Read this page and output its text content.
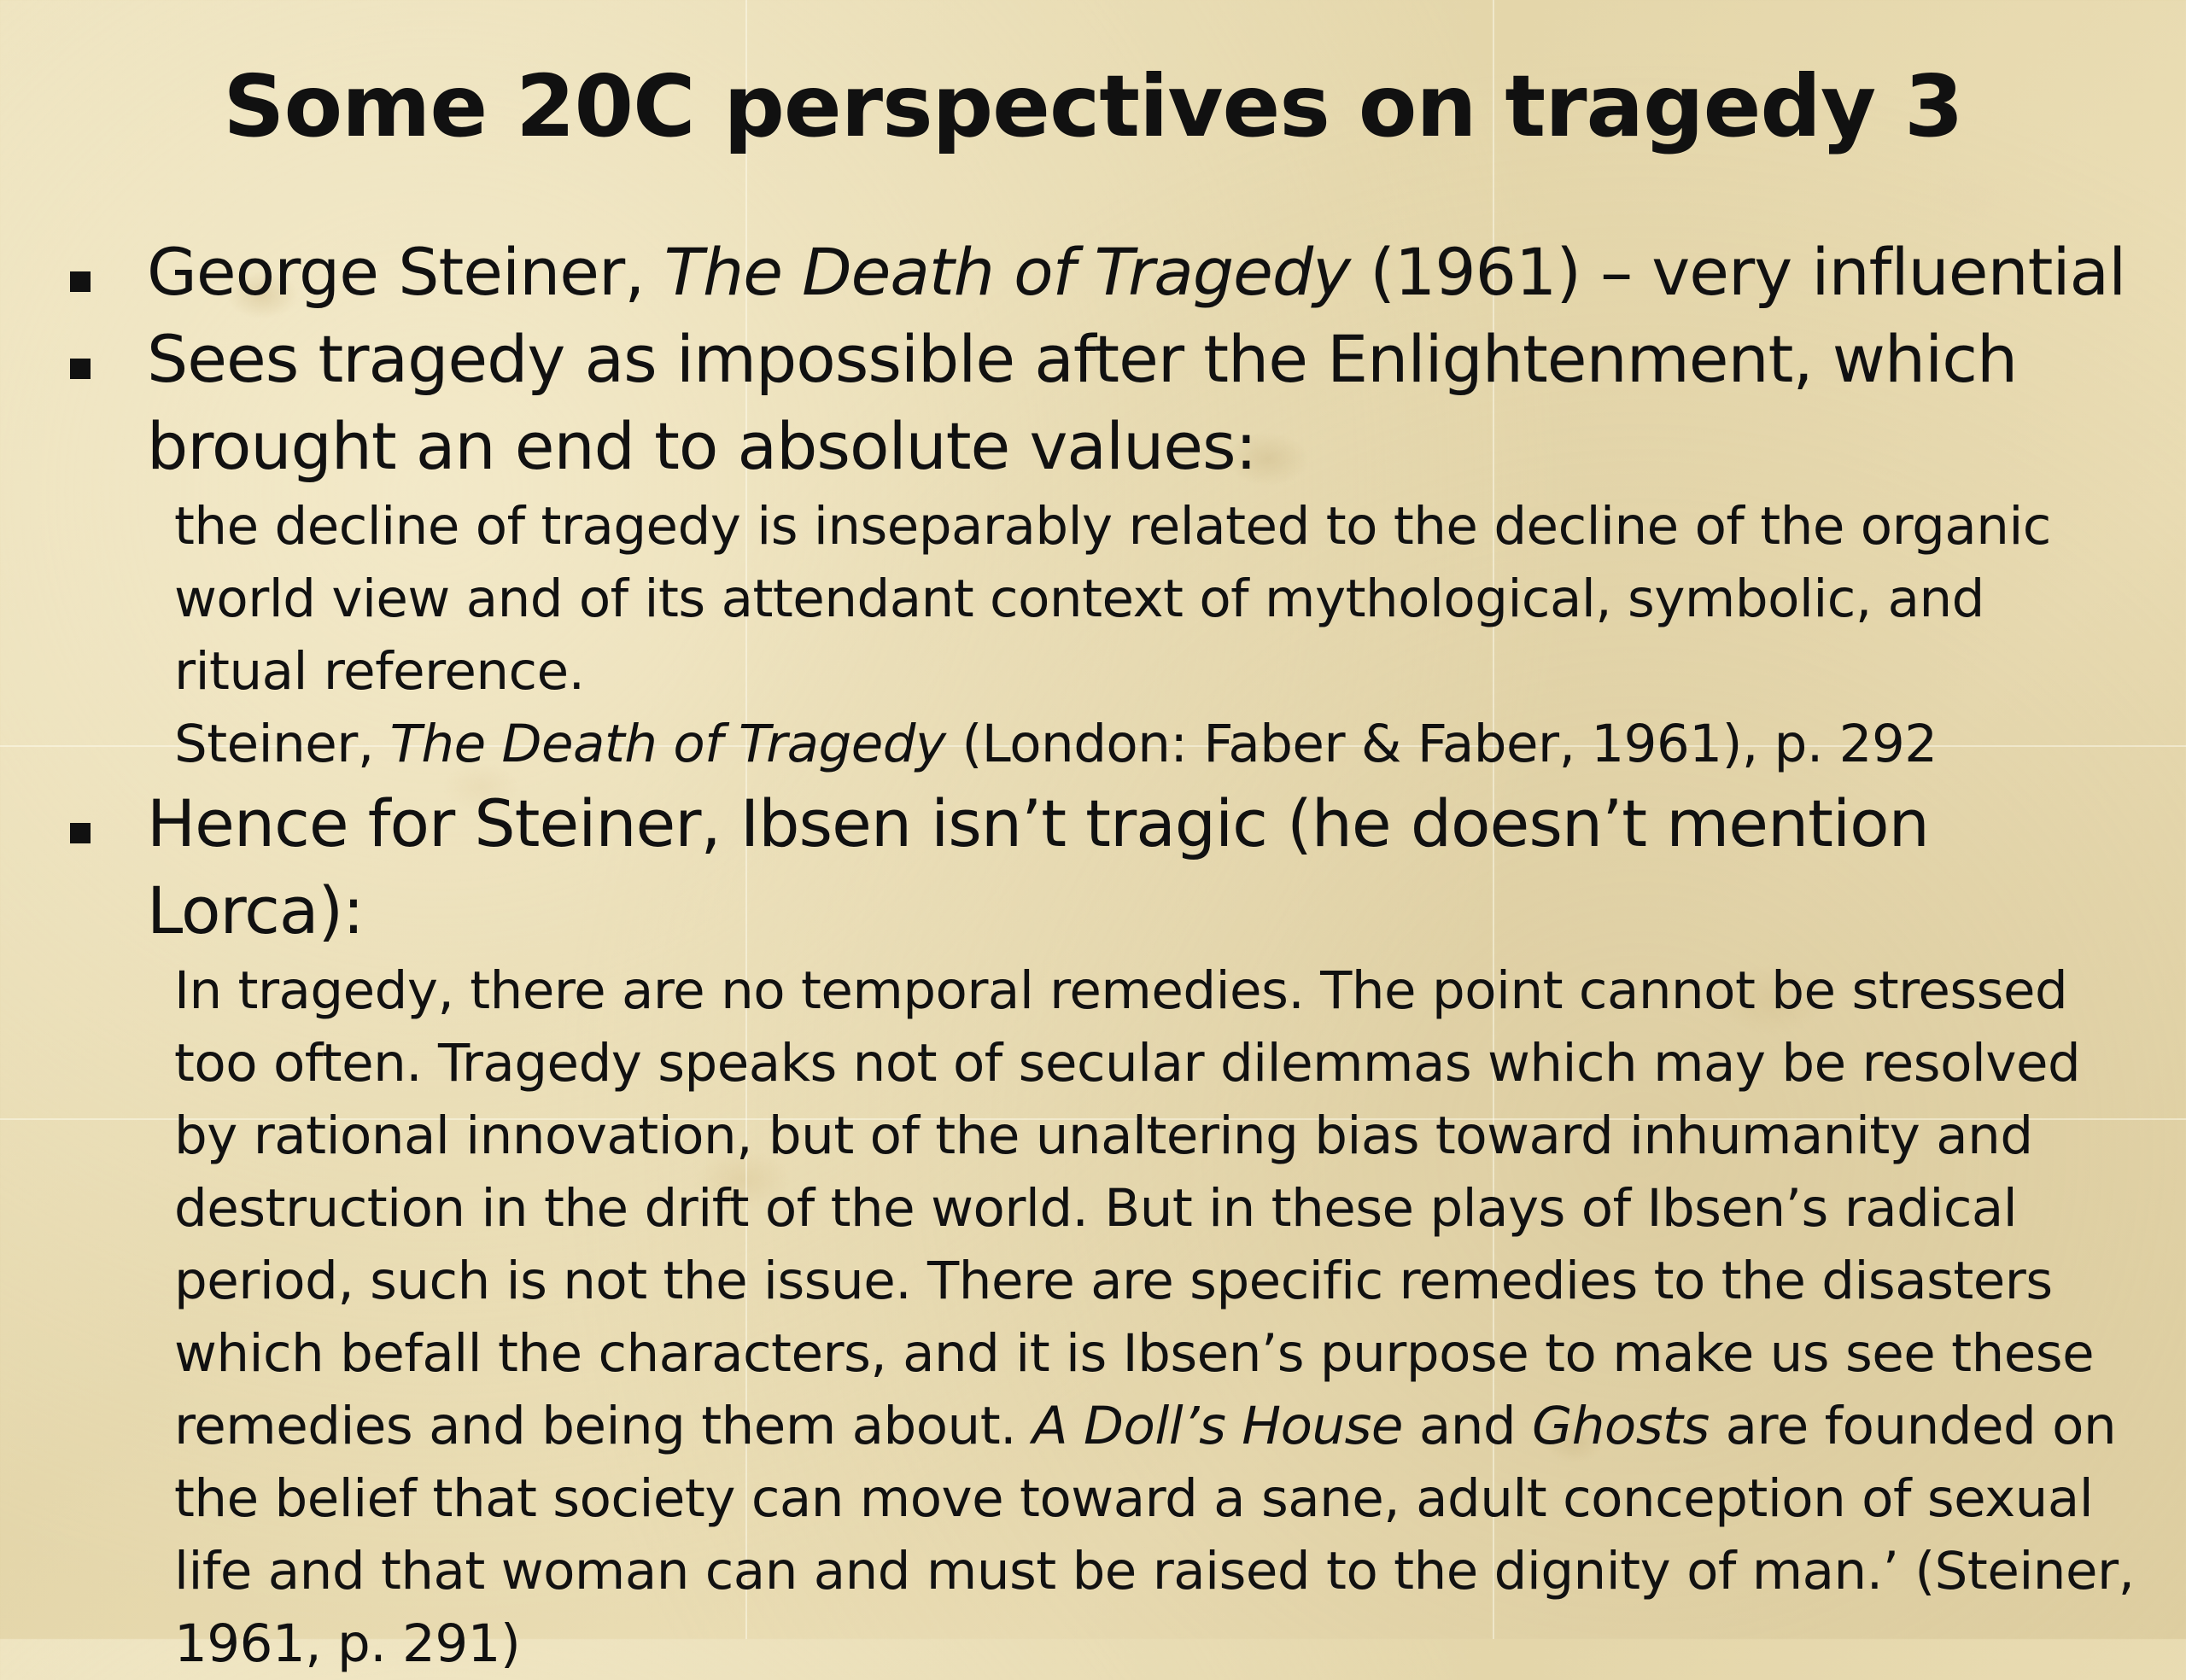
Some 20C perspectives on tragedy 3
George Steiner, The Death of Tragedy (1961) – very influential
Sees tragedy as impossible after the Enlightenment, which brought an end to absolute values:
the decline of tragedy is inseparably related to the decline of the organic world view and of its attendant context of mythological, symbolic, and ritual reference.
Steiner, The Death of Tragedy (London: Faber & Faber, 1961), p. 292
Hence for Steiner, Ibsen isn’t tragic (he doesn’t mention Lorca):
In tragedy, there are no temporal remedies. The point cannot be stressed too often. Tragedy speaks not of secular dilemmas which may be resolved by rational innovation, but of the unaltering bias toward inhumanity and destruction in the drift of the world. But in these plays of Ibsen’s radical period, such is not the issue. There are specific remedies to the disasters which befall the characters, and it is Ibsen’s purpose to make us see these remedies and being them about. A Doll’s House and Ghosts are founded on the belief that society can move toward a sane, adult conception of sexual life and that woman can and must be raised to the dignity of man.’ (Steiner, 1961, p. 291)
